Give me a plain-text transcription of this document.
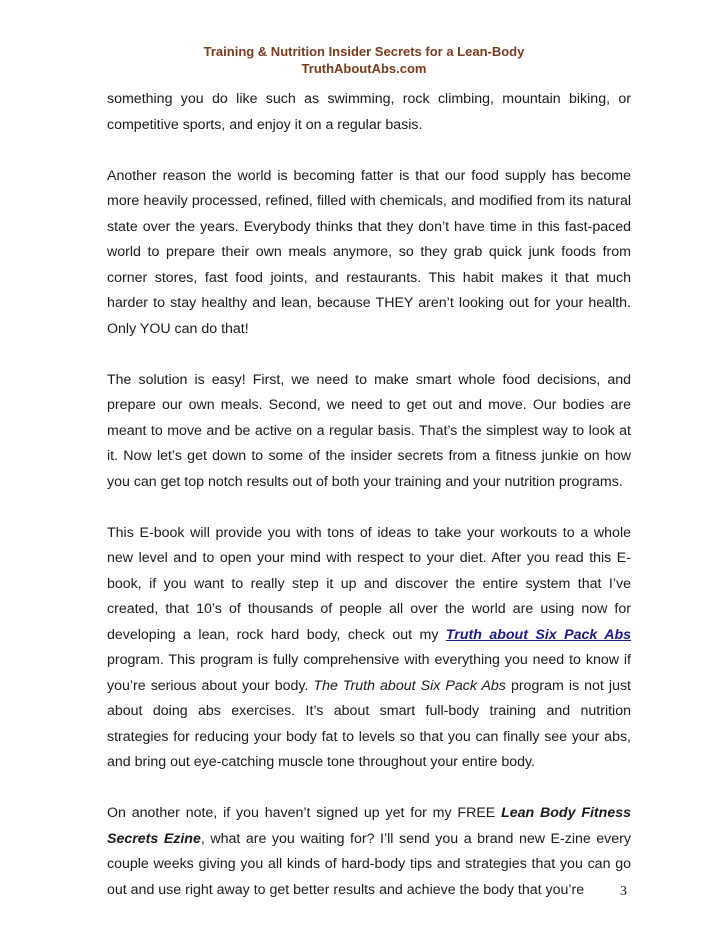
Training & Nutrition Insider Secrets for a Lean-Body
TruthAboutAbs.com

something you do like such as swimming, rock climbing, mountain biking, or competitive sports, and enjoy it on a regular basis.

Another reason the world is becoming fatter is that our food supply has become more heavily processed, refined, filled with chemicals, and modified from its natural state over the years. Everybody thinks that they don’t have time in this fast-paced world to prepare their own meals anymore, so they grab quick junk foods from corner stores, fast food joints, and restaurants. This habit makes it that much harder to stay healthy and lean, because THEY aren’t looking out for your health. Only YOU can do that!

The solution is easy! First, we need to make smart whole food decisions, and prepare our own meals. Second, we need to get out and move. Our bodies are meant to move and be active on a regular basis. That’s the simplest way to look at it. Now let’s get down to some of the insider secrets from a fitness junkie on how you can get top notch results out of both your training and your nutrition programs.

This E-book will provide you with tons of ideas to take your workouts to a whole new level and to open your mind with respect to your diet. After you read this E-book, if you want to really step it up and discover the entire system that I’ve created, that 10’s of thousands of people all over the world are using now for developing a lean, rock hard body, check out my Truth about Six Pack Abs program. This program is fully comprehensive with everything you need to know if you’re serious about your body. The Truth about Six Pack Abs program is not just about doing abs exercises. It’s about smart full-body training and nutrition strategies for reducing your body fat to levels so that you can finally see your abs, and bring out eye-catching muscle tone throughout your entire body.

On another note, if you haven’t signed up yet for my FREE Lean Body Fitness Secrets Ezine, what are you waiting for? I’ll send you a brand new E-zine every couple weeks giving you all kinds of hard-body tips and strategies that you can go out and use right away to get better results and achieve the body that you’re	3
